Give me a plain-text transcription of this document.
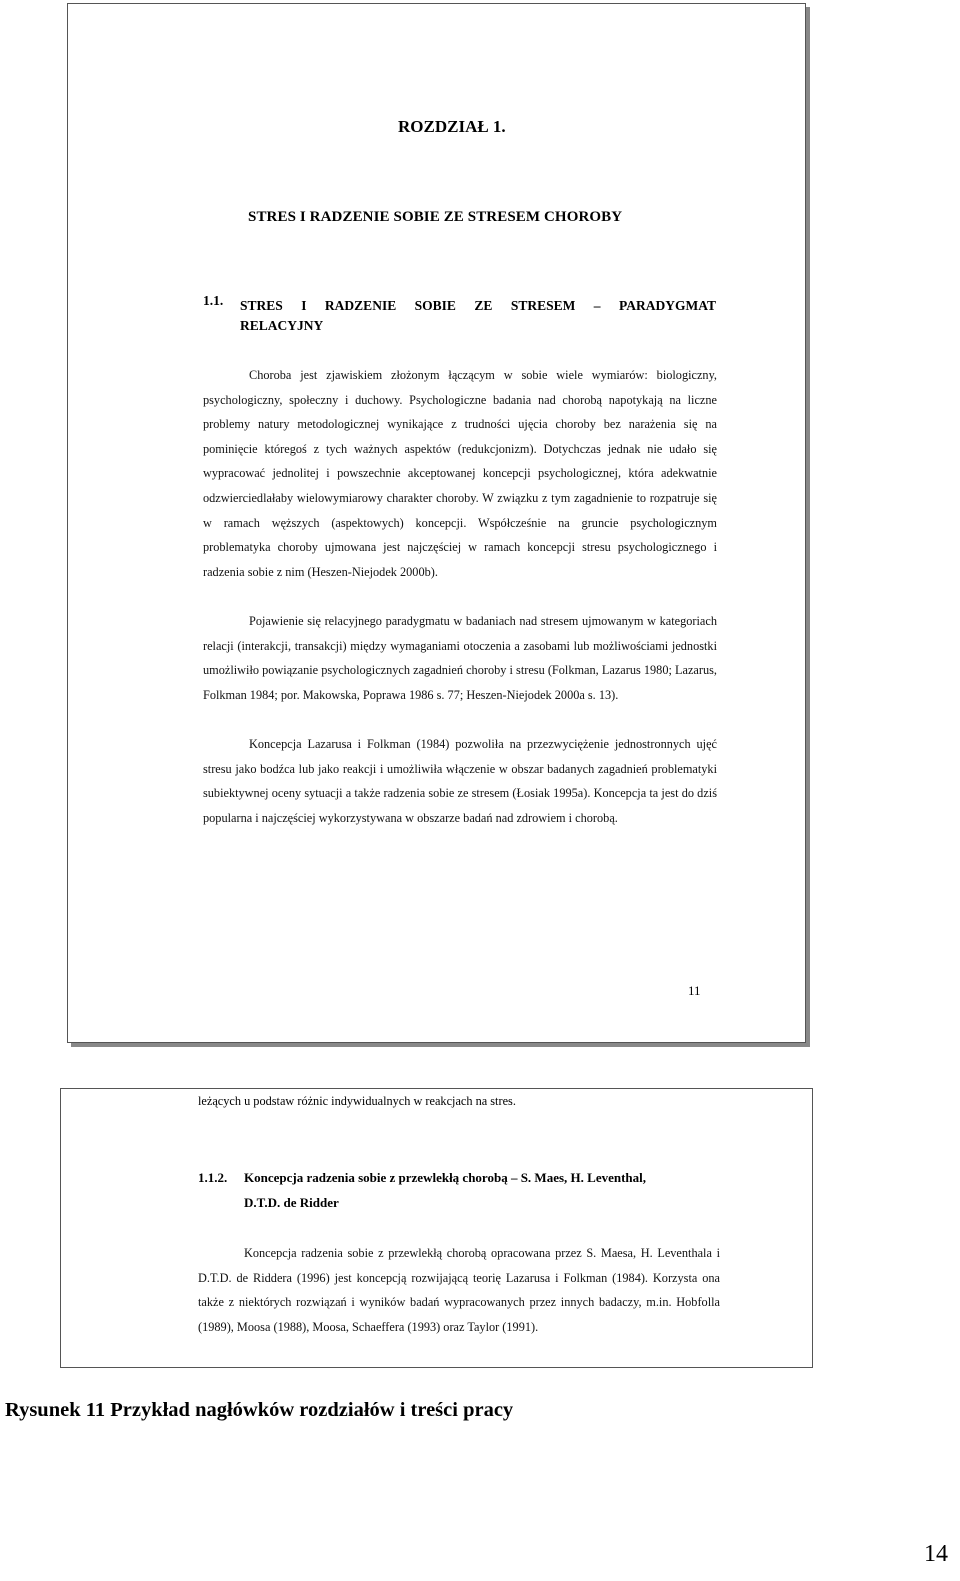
ROZDZIAŁ 1.
STRES I RADZENIE SOBIE ZE STRESEM CHOROBY
1.1. STRES I RADZENIE SOBIE ZE STRESEM – PARADYGMAT
RELACYJNY
Choroba jest zjawiskiem złożonym łączącym w sobie wiele wymiarów: biologiczny, psychologiczny, społeczny i duchowy. Psychologiczne badania nad chorobą napotykają na liczne problemy natury metodologicznej wynikające z trudności ujęcia choroby bez narażenia się na pominięcie któregoś z tych ważnych aspektów (redukcjonizm). Dotychczas jednak nie udało się wypracować jednolitej i powszechnie akceptowanej koncepcji psychologicznej, która adekwatnie odzwierciedlałaby wielowymiarowy charakter choroby. W związku z tym zagadnienie to rozpatruje się w ramach węższych (aspektowych) koncepcji. Współcześnie na gruncie psychologicznym problematyka choroby ujmowana jest najczęściej w ramach koncepcji stresu psychologicznego i radzenia sobie z nim (Heszen-Niejodek 2000b).
Pojawienie się relacyjnego paradygmatu w badaniach nad stresem ujmowanym w kategoriach relacji (interakcji, transakcji) między wymaganiami otoczenia a zasobami lub możliwościami jednostki umożliwiło powiązanie psychologicznych zagadnień choroby i stresu (Folkman, Lazarus 1980; Lazarus, Folkman 1984; por. Makowska, Poprawa 1986 s. 77; Heszen-Niejodek 2000a s. 13).
Koncepcja Lazarusa i Folkman (1984) pozwoliła na przezwyciężenie jednostronnych ujęć stresu jako bodźca lub jako reakcji i umożliwiła włączenie w obszar badanych zagadnień problematyki subiektywnej oceny sytuacji a także radzenia sobie ze stresem (Łosiak 1995a). Koncepcja ta jest do dziś popularna i najczęściej wykorzystywana w obszarze badań nad zdrowiem i chorobą.
11
leżących u podstaw różnic indywidualnych w reakcjach na stres.
1.1.2. Koncepcja radzenia sobie z przewlekłą chorobą – S. Maes, H. Leventhal,
D.T.D. de Ridder
Koncepcja radzenia sobie z przewlekłą chorobą opracowana przez S. Maesa, H. Leventhala i D.T.D. de Riddera (1996) jest koncepcją rozwijającą teorię Lazarusa i Folkman (1984). Korzysta ona także z niektórych rozwiązań i wyników badań wypracowanych przez innych badaczy, m.in. Hobfolla (1989), Moosa (1988), Moosa, Schaeffera (1993) oraz Taylor (1991).
Rysunek 11 Przykład nagłówków rozdziałów i treści pracy
14
